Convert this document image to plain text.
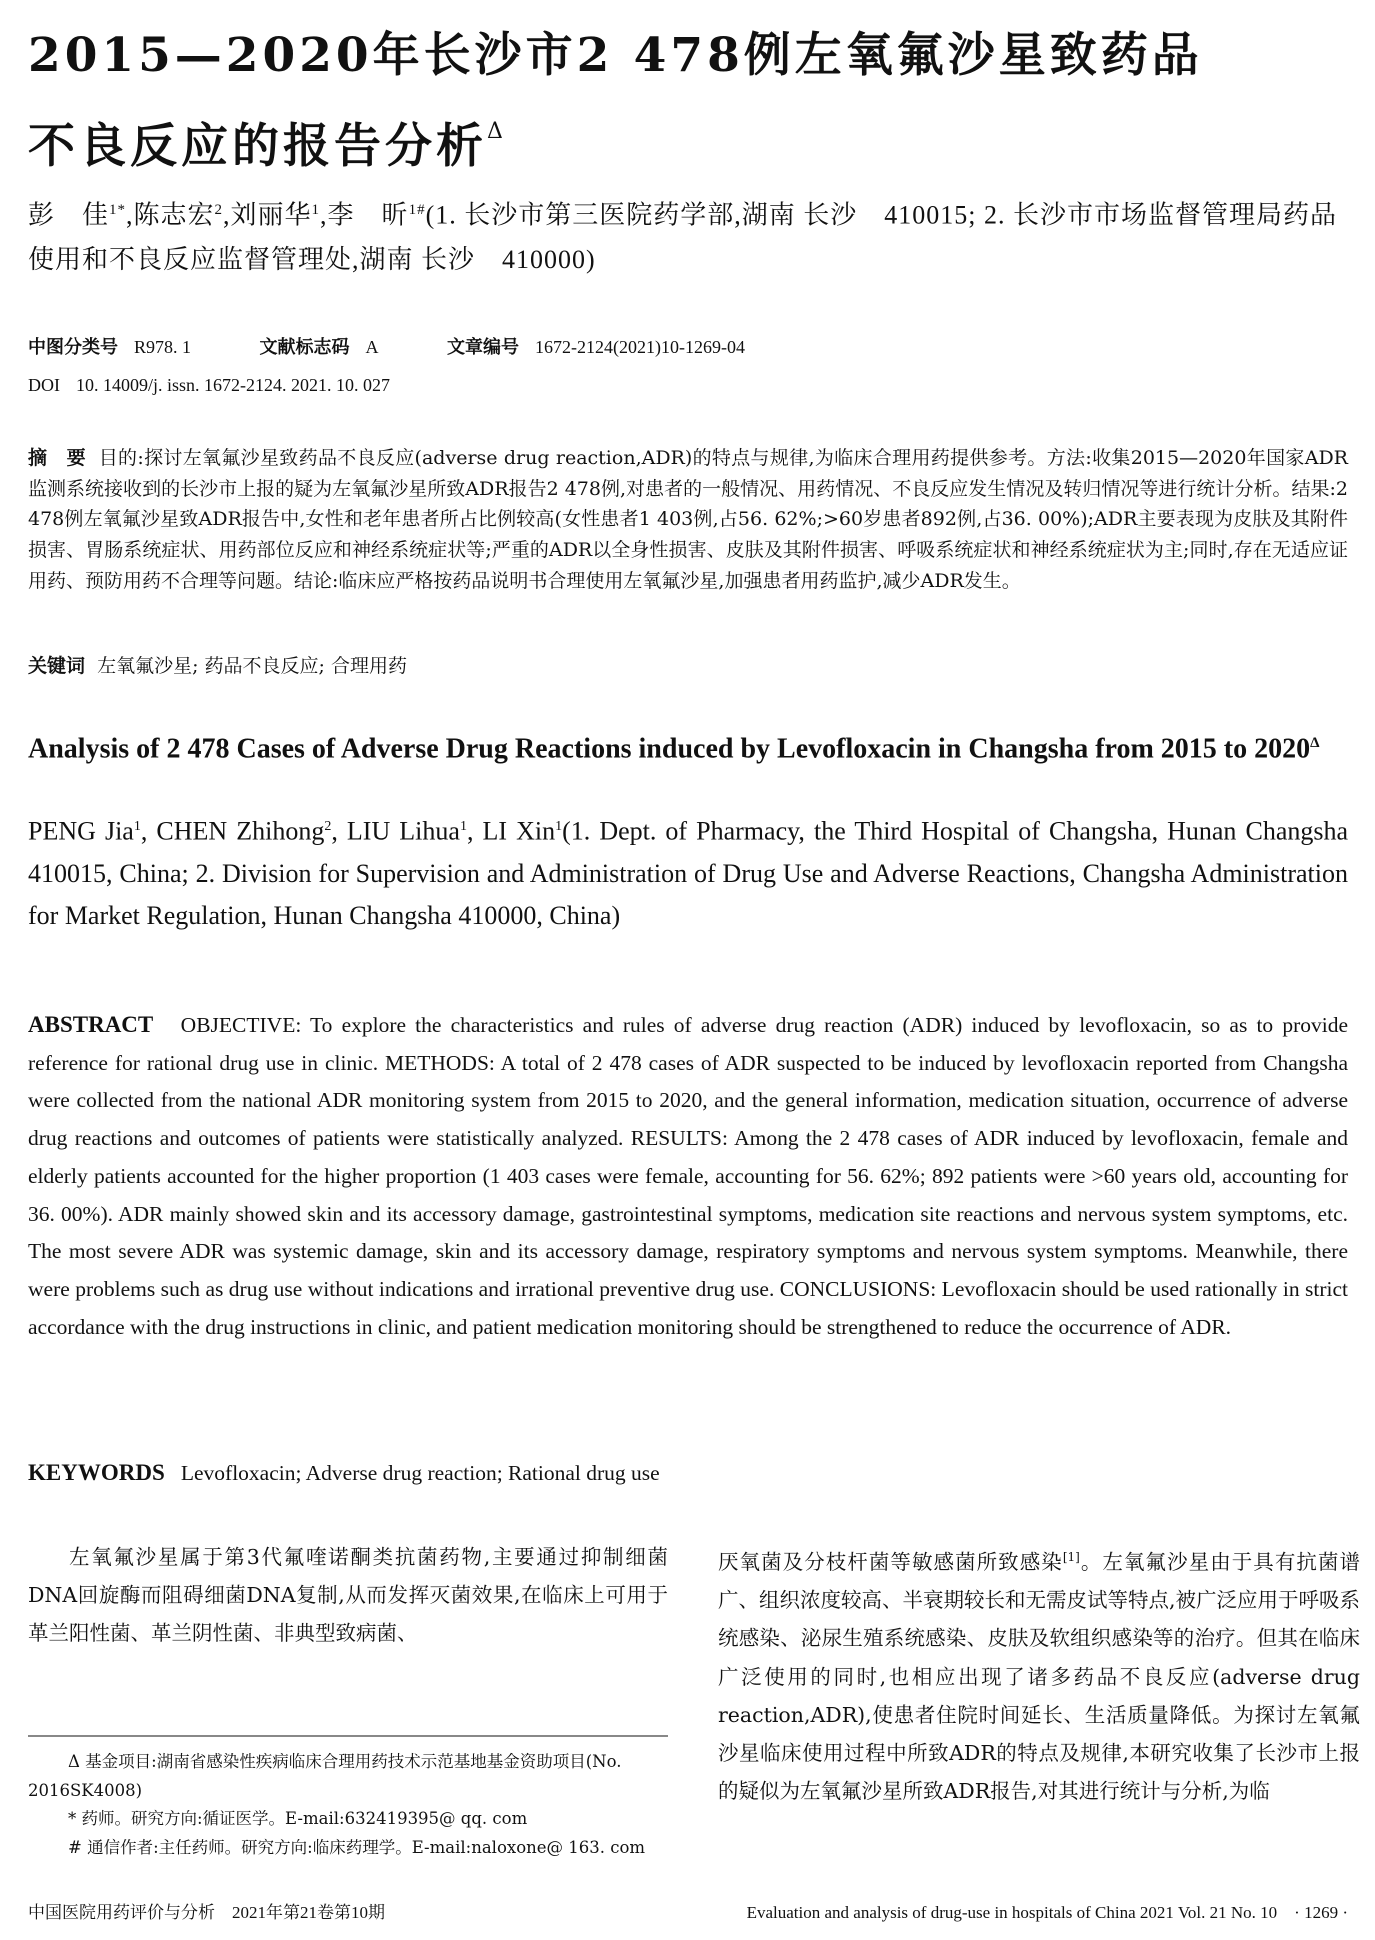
2015—2020年长沙市2 478例左氧氟沙星致药品
不良反应的报告分析$^\Delta$
彭　佳$^{1*}$,陈志宏$^2$,刘丽华$^1$,李　昕$^{1\#}$(1. 长沙市第三医院药学部,湖南 长沙　410015; 2. 长沙市市场监督管理局药品使用和不良反应监督管理处,湖南 长沙　410000)
中图分类号 R978. 1	文献标志码 A	文章编号 1672-2124(2021)10-1269-04
DOI 10. 14009/j. issn. 1672-2124. 2021. 10. 027
摘　要 目的:探讨左氧氟沙星致药品不良反应(adverse drug reaction,ADR)的特点与规律,为临床合理用药提供参考。方法:收集2015—2020年国家ADR监测系统接收到的长沙市上报的疑为左氧氟沙星所致ADR报告2 478例,对患者的一般情况、用药情况、不良反应发生情况及转归情况等进行统计分析。结果:2 478例左氧氟沙星致ADR报告中,女性和老年患者所占比例较高(女性患者1 403例,占56. 62%;>60岁患者892例,占36. 00%);ADR主要表现为皮肤及其附件损害、胃肠系统症状、用药部位反应和神经系统症状等;严重的ADR以全身性损害、皮肤及其附件损害、呼吸系统症状和神经系统症状为主;同时,存在无适应证用药、预防用药不合理等问题。结论:临床应严格按药品说明书合理使用左氧氟沙星,加强患者用药监护,减少ADR发生。
关键词 左氧氟沙星; 药品不良反应; 合理用药
Analysis of 2 478 Cases of Adverse Drug Reactions induced by Levofloxacin in Changsha from 2015 to $2020^\Delta$
PENG Jia$^1$, CHEN Zhihong$^2$, LIU Lihua$^1$, LI Xin$^1$(1. Dept. of Pharmacy, the Third Hospital of Changsha, Hunan Changsha 410015, China; 2. Division for Supervision and Administration of Drug Use and Adverse Reactions, Changsha Administration for Market Regulation, Hunan Changsha 410000, China)
ABSTRACT OBJECTIVE: To explore the characteristics and rules of adverse drug reaction (ADR) induced by levofloxacin, so as to provide reference for rational drug use in clinic. METHODS: A total of 2 478 cases of ADR suspected to be induced by levofloxacin reported from Changsha were collected from the national ADR monitoring system from 2015 to 2020, and the general information, medication situation, occurrence of adverse drug reactions and outcomes of patients were statistically analyzed. RESULTS: Among the 2 478 cases of ADR induced by levofloxacin, female and elderly patients accounted for the higher proportion (1 403 cases were female, accounting for 56. 62%; 892 patients were >60 years old, accounting for 36. 00%). ADR mainly showed skin and its accessory damage, gastrointestinal symptoms, medication site reactions and nervous system symptoms, etc. The most severe ADR was systemic damage, skin and its accessory damage, respiratory symptoms and nervous system symptoms. Meanwhile, there were problems such as drug use without indications and irrational preventive drug use. CONCLUSIONS: Levofloxacin should be used rationally in strict accordance with the drug instructions in clinic, and patient medication monitoring should be strengthened to reduce the occurrence of ADR.
KEYWORDS Levofloxacin; Adverse drug reaction; Rational drug use
左氧氟沙星属于第3代氟喹诺酮类抗菌药物,主要通过抑制细菌DNA回旋酶而阻碍细菌DNA复制,从而发挥灭菌效果,在临床上可用于革兰阳性菌、革兰阴性菌、非典型致病菌、

Δ 基金项目:湖南省感染性疾病临床合理用药技术示范基地基金资助项目(No. 2016SK4008)

* 药师。研究方向:循证医学。E-mail:632419395@ qq. com

# 通信作者:主任药师。研究方向:临床药理学。E-mail:naloxone@ 163. com

厌氧菌及分枝杆菌等敏感菌所致感染[1]。左氧氟沙星由于具有抗菌谱广、组织浓度较高、半衰期较长和无需皮试等特点,被广泛应用于呼吸系统感染、泌尿生殖系统感染、皮肤及软组织感染等的治疗。但其在临床广泛使用的同时,也相应出现了诸多药品不良反应(adverse drug reaction,ADR),使患者住院时间延长、生活质量降低。为探讨左氧氟沙星临床使用过程中所致ADR的特点及规律,本研究收集了长沙市上报的疑似为左氧氟沙星所致ADR报告,对其进行统计与分析,为临
中国医院用药评价与分析　2021年第21卷第10期	Evaluation and analysis of drug-use in hospitals of China 2021 Vol. 21 No. 10　· 1269 ·
